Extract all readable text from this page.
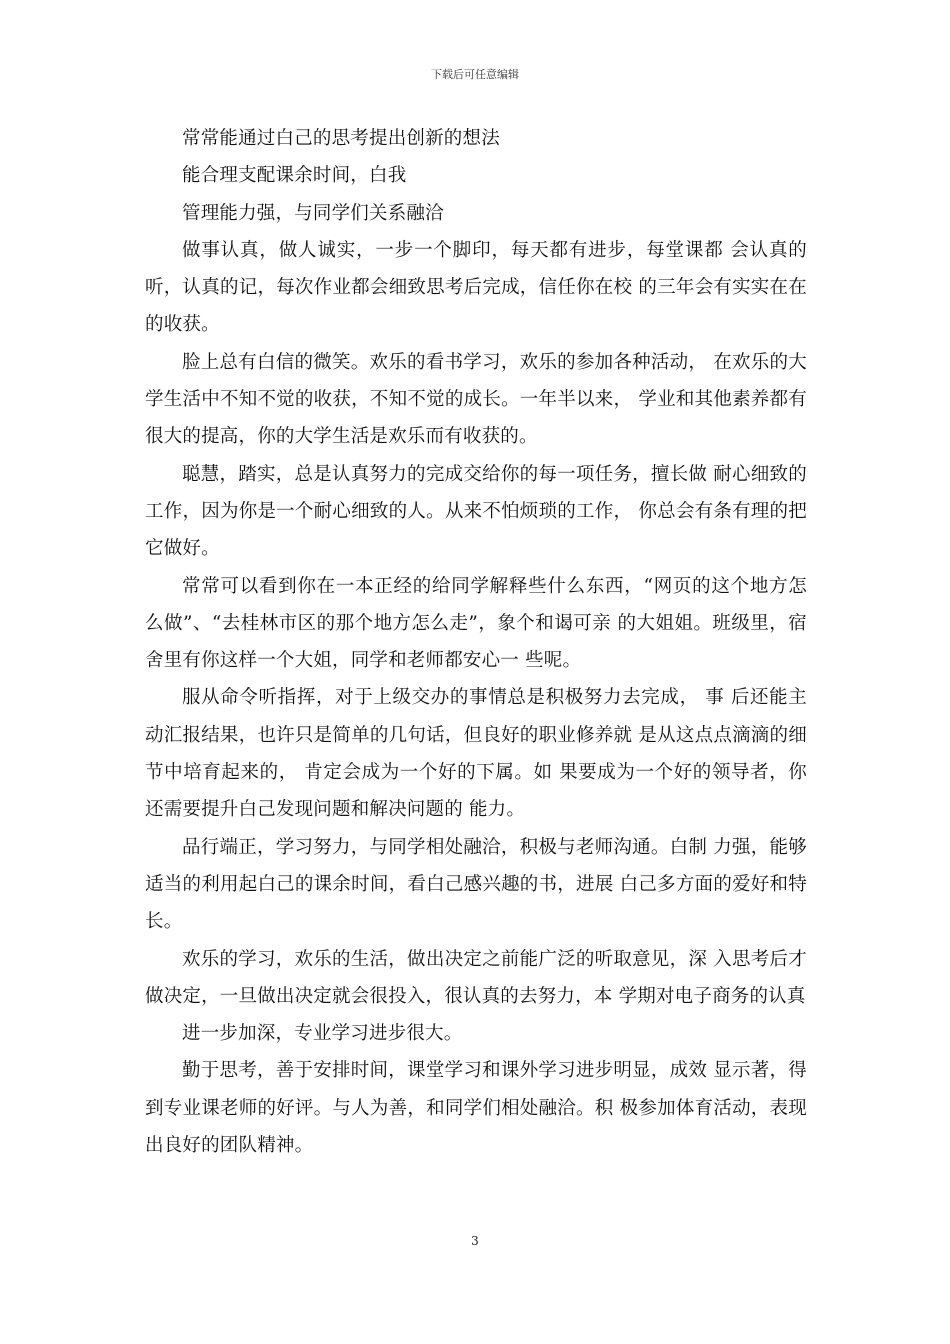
下载后可任意编辑

常常能通过白己的思考提出创新的想法

能合理支配课余时间，白我

管理能力强，与同学们关系融洽

做事认真，做人诚实，一步一个脚印，每天都有进步，每堂课都 会认真的听，认真的记，每次作业都会细致思考后完成，信任你在校 的三年会有实实在在的收获。

脸上总有白信的微笑。欢乐的看书学习，欢乐的参加各种活动， 在欢乐的大学生活中不知不觉的收获，不知不觉的成长。一年半以来， 学业和其他素养都有很大的提高，你的大学生活是欢乐而有收获的。

聪慧，踏实，总是认真努力的完成交给你的每一项任务，擅长做 耐心细致的工作，因为你是一个耐心细致的人。从来不怕烦琐的工作， 你总会有条有理的把它做好。

常常可以看到你在一本正经的给同学解释些什么东西，“网页的这个地方怎么做”、“去桂林市区的那个地方怎么走”，象个和谒可亲 的大姐姐。班级里，宿舍里有你这样一个大姐，同学和老师都安心一 些呢。

服从命令听指挥，对于上级交办的事情总是积极努力去完成， 事 后还能主动汇报结果，也许只是简单的几句话，但良好的职业修养就 是从这点点滴滴的细节中培育起来的， 肯定会成为一个好的下属。如 果要成为一个好的领导者，你还需要提升白己发现问题和解决问题的 能力。

品行端正，学习努力，与同学相处融洽，积极与老师沟通。白制 力强，能够适当的利用起白己的课余时间，看白己感兴趣的书，进展 白己多方面的爱好和特长。

欢乐的学习，欢乐的生活，做出决定之前能广泛的听取意见，深 入思考后才做决定，一旦做出决定就会很投入，很认真的去努力，本 学期对电子商务的认真

进一步加深，专业学习进步很大。

勤于思考，善于安排时间，课堂学习和课外学习进步明显，成效 显示著，得到专业课老师的好评。与人为善，和同学们相处融洽。积 极参加体育活动，表现出良好的团队精神。

3
